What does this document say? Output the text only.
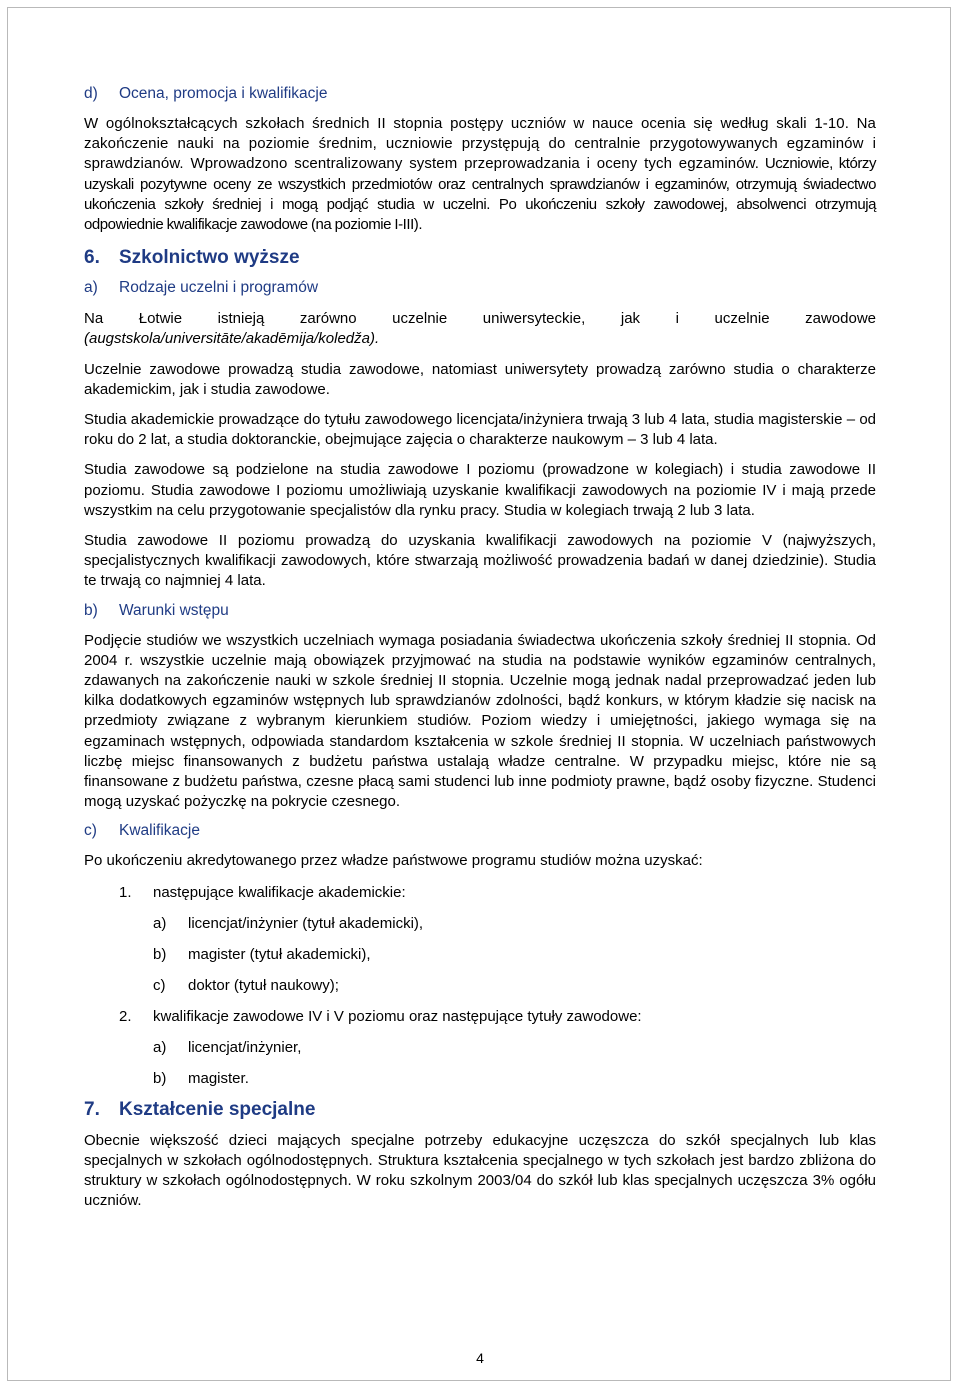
d)	Ocena, promocja i kwalifikacje

W ogólnokształcących szkołach średnich II stopnia postępy uczniów w nauce ocenia się według skali 1-10. Na zakończenie nauki na poziomie średnim, uczniowie przystępują do centralnie przygotowywanych egzaminów i sprawdzianów. Wprowadzono scentralizowany system przeprowadzania i oceny tych egzaminów. Uczniowie, którzy uzyskali pozytywne oceny ze wszystkich przedmiotów oraz centralnych sprawdzianów i egzaminów, otrzymują świadectwo ukończenia szkoły średniej i mogą podjąć studia w uczelni. Po ukończeniu szkoły zawodowej, absolwenci otrzymują odpowiednie kwalifikacje zawodowe (na poziomie I-III).

6.	Szkolnictwo wyższe
a)	Rodzaje uczelni i programów

Na Łotwie istnieją zarówno uczelnie uniwersyteckie, jak i uczelnie zawodowe (augstskola/universitāte/akadēmija/koledža).

Uczelnie zawodowe prowadzą studia zawodowe, natomiast uniwersytety prowadzą zarówno studia o charakterze akademickim, jak i studia zawodowe.

Studia akademickie prowadzące do tytułu zawodowego licencjata/inżyniera trwają 3 lub 4 lata, studia magisterskie – od roku do 2 lat, a studia doktoranckie, obejmujące zajęcia o charakterze naukowym – 3 lub 4 lata.

Studia zawodowe są podzielone na studia zawodowe I poziomu (prowadzone w kolegiach) i studia zawodowe II poziomu. Studia zawodowe I poziomu umożliwiają uzyskanie kwalifikacji zawodowych na poziomie IV i mają przede wszystkim na celu przygotowanie specjalistów dla rynku pracy. Studia w kolegiach trwają 2 lub 3 lata.

Studia zawodowe II poziomu prowadzą do uzyskania kwalifikacji zawodowych na poziomie V (najwyższych, specjalistycznych kwalifikacji zawodowych, które stwarzają możliwość prowadzenia badań w danej dziedzinie). Studia te trwają co najmniej 4 lata.

b)	Warunki wstępu

Podjęcie studiów we wszystkich uczelniach wymaga posiadania świadectwa ukończenia szkoły średniej II stopnia. Od 2004 r. wszystkie uczelnie mają obowiązek przyjmować na studia na podstawie wyników egzaminów centralnych, zdawanych na zakończenie nauki w szkole średniej II stopnia. Uczelnie mogą jednak nadal przeprowadzać jeden lub kilka dodatkowych egzaminów wstępnych lub sprawdzianów zdolności, bądź konkurs, w którym kładzie się nacisk na przedmioty związane z wybranym kierunkiem studiów. Poziom wiedzy i umiejętności, jakiego wymaga się na egzaminach wstępnych, odpowiada standardom kształcenia w szkole średniej II stopnia. W uczelniach państwowych liczbę miejsc finansowanych z budżetu państwa ustalają władze centralne. W przypadku miejsc, które nie są finansowane z budżetu państwa, czesne płacą sami studenci lub inne podmioty prawne, bądź osoby fizyczne. Studenci mogą uzyskać pożyczkę na pokrycie czesnego.

c)	Kwalifikacje

Po ukończeniu akredytowanego przez władze państwowe programu studiów można uzyskać:

1.	następujące kwalifikacje akademickie:
a)	licencjat/inżynier (tytuł akademicki),
b)	magister (tytuł akademicki),
c)	doktor (tytuł naukowy);
2.	kwalifikacje zawodowe IV i V poziomu oraz następujące tytuły zawodowe:
a)	licencjat/inżynier,
b)	magister.
7.	Kształcenie specjalne

Obecnie większość dzieci mających specjalne potrzeby edukacyjne uczęszcza do szkół specjalnych lub klas specjalnych w szkołach ogólnodostępnych. Struktura kształcenia specjalnego w tych szkołach jest bardzo zbliżona do struktury w szkołach ogólnodostępnych. W roku szkolnym 2003/04 do szkół lub klas specjalnych uczęszcza 3% ogółu uczniów.

4
